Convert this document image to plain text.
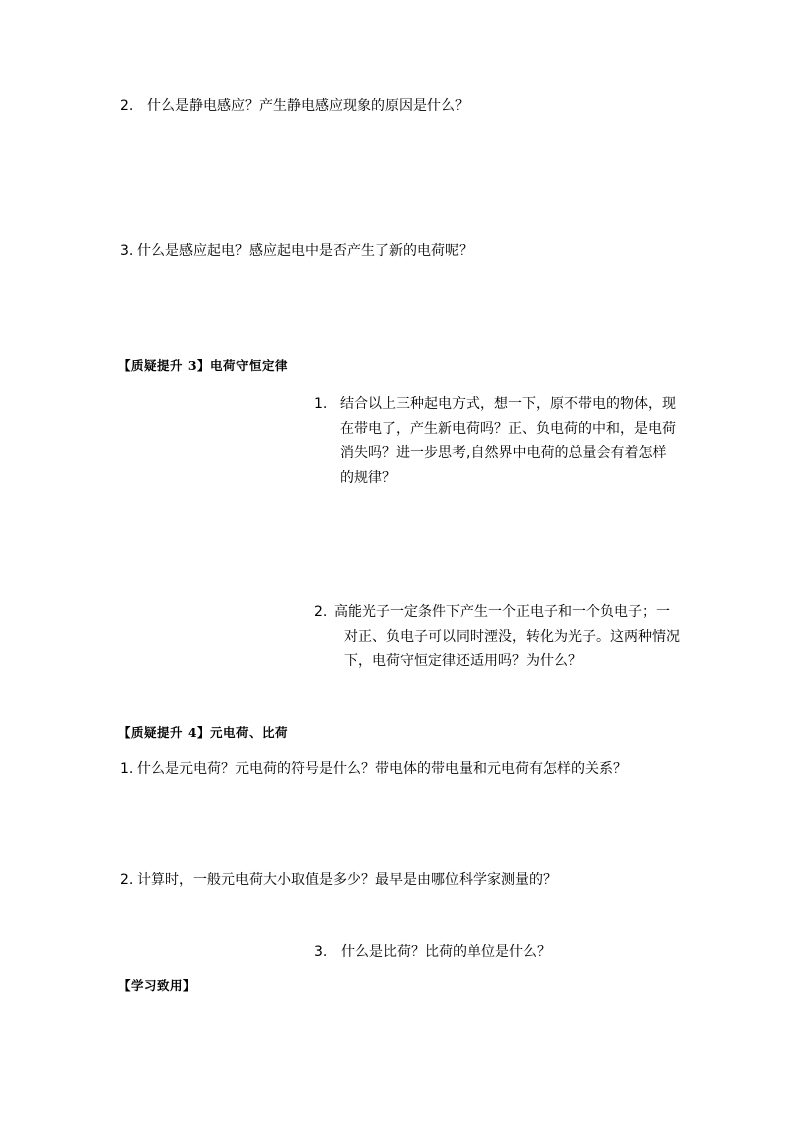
2. 什么是静电感应？产生静电感应现象的原因是什么？
3. 什么是感应起电？感应起电中是否产生了新的电荷呢？
【质疑提升 3】电荷守恒定律
1. 结合以上三种起电方式，想一下，原不带电的物体，现
在带电了，产生新电荷吗？正、负电荷的中和，是电荷
消失吗？进一步思考,自然界中电荷的总量会有着怎样
的规律？
2. 高能光子一定条件下产生一个正电子和一个负电子；一
对正、负电子可以同时湮没，转化为光子。这两种情况
下，电荷守恒定律还适用吗？为什么？
【质疑提升 4】元电荷、比荷
1. 什么是元电荷？元电荷的符号是什么？带电体的带电量和元电荷有怎样的关系？
2. 计算时，一般元电荷大小取值是多少？最早是由哪位科学家测量的？
3. 什么是比荷？比荷的单位是什么？
【学习致用】
